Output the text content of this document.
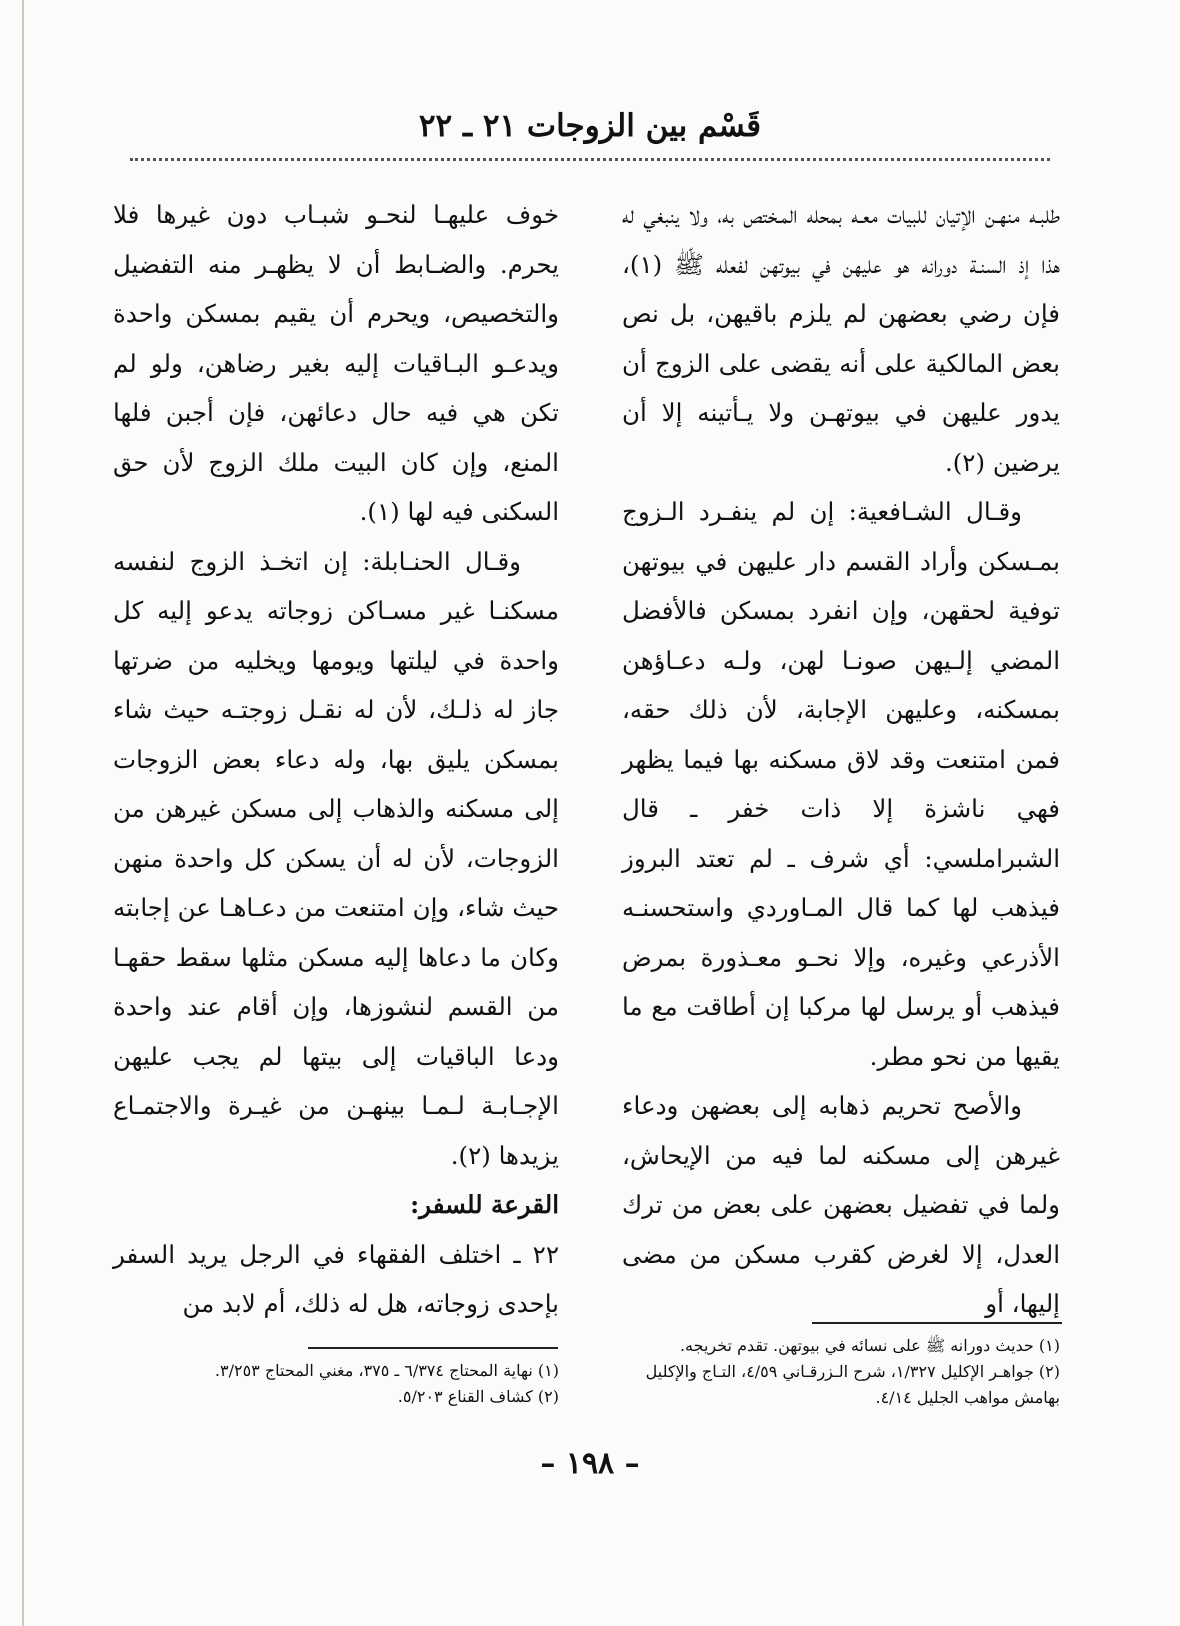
قَسْم بين الزوجات ٢١ ـ ٢٢

طلبـه منهـن الإتيان للبيات معـه بمحله المـختص به، ولا ينبغي له هذا إذ السنـة دورانه هو عليهن في بيوتهن لفعله ﷺ (١)، فإن رضي بعضهن لم يلزم باقيهن، بل نص بعض المالكية على أنه يقضى على الزوج أن يدور عليهن في بيوتهـن ولا يـأتينه إلا أن يرضين (٢).

وقـال الشـافعية: إن لم ينفـرد الـزوج بمـسكن وأراد القسم دار عليهن في بيوتهن توفية لحقهن، وإن انفرد بمسكن فالأفضل المضي إلـيهن صونـا لهن، ولـه دعـاؤهن بمسكنه، وعليهن الإجابة، لأن ذلك حقه، فمن امتنعت وقد لاق مسكنه بها فيما يظهر فهي ناشزة إلا ذات خفر ـ قال الشبراملسي: أي شرف ـ لم تعتد البروز فيذهب لها كما قال المـاوردي واستحسنـه الأذرعي وغيره، وإلا نحـو معـذورة بمرض فيذهب أو يرسل لها مركبا إن أطاقت مع ما يقيها من نحو مطر.

والأصح تحريم ذهابه إلى بعضهن ودعاء غيرهن إلى مسكنه لما فيه من الإيحاش، ولما في تفضيل بعضهن على بعض من ترك العدل، إلا لغرض كقرب مسكن من مضى إليها، أو

خوف عليهـا لنحـو شبـاب دون غيرها فلا يحرم. والضـابط أن لا يظهـر منه التفضيل والتخصيص، ويحرم أن يقيم بمسكن واحدة ويدعـو البـاقيات إليه بغير رضاهن، ولو لم تكن هي فيه حال دعائهن، فإن أجبن فلها المنع، وإن كان البيت ملك الزوج لأن حق السكنى فيه لها (١).

وقـال الحنـابلة: إن اتخـذ الزوج لنفسه مسكنـا غير مسـاكن زوجاته يدعو إليه كل واحدة في ليلتها ويومها ويخليه من ضرتها جاز له ذلـك، لأن له نقـل زوجتـه حيث شاء بمسكن يليق بها، وله دعاء بعض الزوجات إلى مسكنه والذهاب إلى مسكن غيرهن من الزوجات، لأن له أن يسكن كل واحدة منهن حيث شاء، وإن امتنعت من دعـاهـا عن إجابته وكان ما دعاها إليه مسكن مثلها سقط حقهـا من القسم لنشوزها، وإن أقام عند واحدة ودعا الباقيات إلى بيتها لم يجب عليهن الإجـابـة لـمـا بينهـن من غيـرة والاجتمـاع يزيدها (٢).

القرعة للسفر:

٢٢ ـ اختلف الفقهاء في الرجل يريد السفر بإحدى زوجاته، هل له ذلك، أم لابد من

(١) حديث دورانه ﷺ على نسائه في بيوتهن. تقدم تخريجه.

(٢) جواهـر الإكليل ١/٣٢٧، شرح الـزرقـاني ٤/٥٩، التـاج والإكليل بهامش مواهب الجليل ٤/١٤.

(١) نهاية المحتاج ٦/٣٧٤ ـ ٣٧٥، مغني المحتاج ٣/٢٥٣.

(٢) كشاف القناع ٥/٢٠٣.

– ١٩٨ –
